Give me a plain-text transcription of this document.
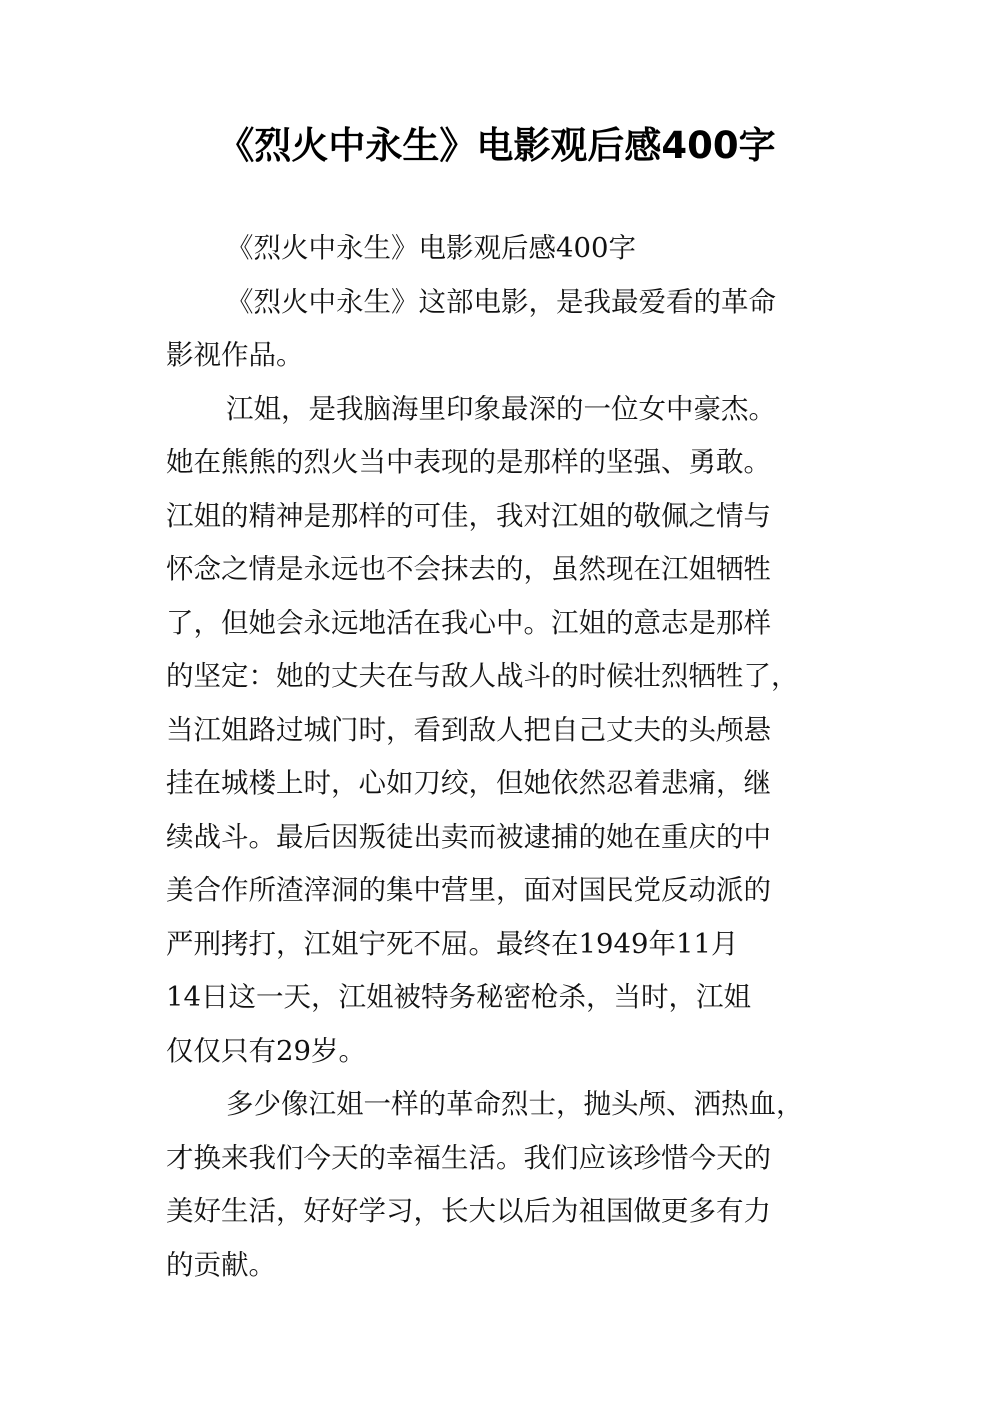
《烈火中永生》电影观后感400字

《烈火中永生》电影观后感400字

《烈火中永生》这部电影，是我最爱看的革命

影视作品。

江姐，是我脑海里印象最深的一位女中豪杰。

她在熊熊的烈火当中表现的是那样的坚强、勇敢。

江姐的精神是那样的可佳，我对江姐的敬佩之情与

怀念之情是永远也不会抹去的，虽然现在江姐牺牲

了，但她会永远地活在我心中。江姐的意志是那样

的坚定：她的丈夫在与敌人战斗的时候壮烈牺牲了，

当江姐路过城门时，看到敌人把自己丈夫的头颅悬

挂在城楼上时，心如刀绞，但她依然忍着悲痛，继

续战斗。最后因叛徒出卖而被逮捕的她在重庆的中

美合作所渣滓洞的集中营里，面对国民党反动派的

严刑拷打，江姐宁死不屈。最终在1949年11月

14日这一天，江姐被特务秘密枪杀，当时，江姐

仅仅只有29岁。

多少像江姐一样的革命烈士，抛头颅、洒热血，

才换来我们今天的幸福生活。我们应该珍惜今天的

美好生活，好好学习，长大以后为祖国做更多有力

的贡献。
